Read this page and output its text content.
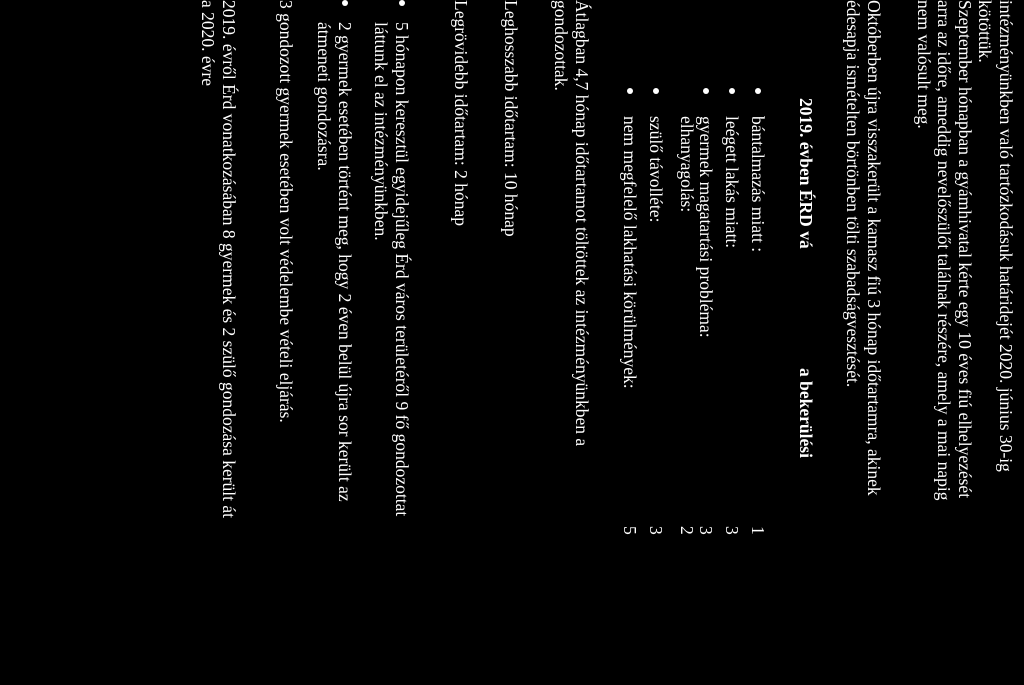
intézményünkben való tartózkodásuk határidejét 2020. június 30-ig
kötöttük.
Szeptember hónapban a gyámhivatal kérte egy 10 éves fiú elhelyezését
arra az időre, ameddig nevelőszülőt találnak részére, amely a mai napig
nem valósult meg.
Októberben újra visszakerült a kamasz fiú 3 hónap időtartamra, akinek
édesapja ismételten börtönben tölti szabadságvesztését.
2019. évben ÉRD vá
a bekerülési
bántalmazás miatt :
1
leégett lakás miatt:
3
gyermek magatartási probléma:
3
elhanyagolás:
2
szülő távolléte:
3
nem megfelelő lakhatási körülmények:
5
Átlagban 4,7 hónap időtartamot töltöttek az intézményünkben a
gondozottak.
Leghosszabb időtartam: 10 hónap
Legrövidebb időtartam: 2 hónap
5 hónapon keresztül egyidejűleg Érd város területéről 9 fő gondozottat
láttunk el az intézményünkben.
2 gyermek esetében történt meg, hogy 2 éven belül újra sor került az
átmeneti gondozásra.
3 gondozott gyermek esetében volt védelembe vételi eljárás.
2019. évről Érd vonatkozásában 8 gyermek és 2 szülő gondozása került át
a 2020. évre
